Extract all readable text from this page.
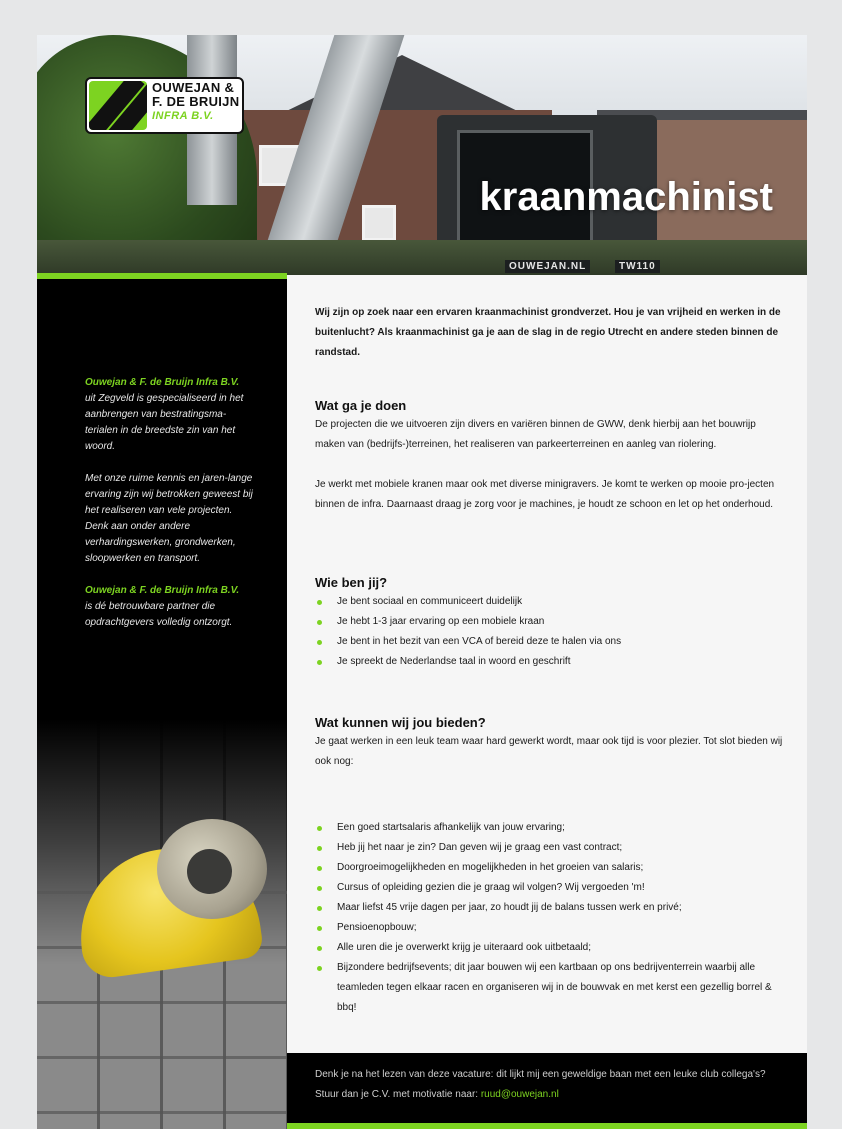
OUWEJAN.NL	TW110
kraanmachinist
OUWEJAN &
F. DE BRUIJN
INFRA B.V.

Ouwejan & F. de Bruijn Infra B.V.
uit Zegveld is gespecialiseerd in het aanbrengen van bestratingsma-terialen in de breedste zin van het woord.

Met onze ruime kennis en jaren-lange ervaring zijn wij betrokken geweest bij het realiseren van vele projecten. Denk aan onder andere verhardingswerken, grondwerken, sloopwerken en transport.

Ouwejan & F. de Bruijn Infra B.V.
is dé betrouwbare partner die opdrachtgevers volledig ontzorgt.

Wij zijn op zoek naar een ervaren kraanmachinist grondverzet. Hou je van vrijheid en werken in de buitenlucht? Als kraanmachinist ga je aan de slag in de regio Utrecht en andere steden binnen de randstad.

Wat ga je doen

De projecten die we uitvoeren zijn divers en variëren binnen de GWW, denk hierbij aan het bouwrijp maken van (bedrijfs-)terreinen, het realiseren van parkeerterreinen en aanleg van riolering.

Je werkt met mobiele kranen maar ook met diverse minigravers. Je komt te werken op mooie pro-jecten binnen de infra. Daarnaast draag je zorg voor je machines, je houdt ze schoon en let op het onderhoud.

Wie ben jij?
Je bent sociaal en communiceert duidelijk
Je hebt 1-3 jaar ervaring op een mobiele kraan
Je bent in het bezit van een VCA of bereid deze te halen via ons
Je spreekt de Nederlandse taal in woord en geschrift
Wat kunnen wij jou bieden?

Je gaat werken in een leuk team waar hard gewerkt wordt, maar ook tijd is voor plezier. Tot slot bieden wij ook nog:

Een goed startsalaris afhankelijk van jouw ervaring;
Heb jij het naar je zin? Dan geven wij je graag een vast contract;
Doorgroeimogelijkheden en mogelijkheden in het groeien van salaris;
Cursus of opleiding gezien die je graag wil volgen? Wij vergoeden 'm!
Maar liefst 45 vrije dagen per jaar, zo houdt jij de balans tussen werk en privé;
Pensioenopbouw;
Alle uren die je overwerkt krijg je uiteraard ook uitbetaald;
Bijzondere bedrijfsevents; dit jaar bouwen wij een kartbaan op ons bedrijventerrein waarbij alle teamleden tegen elkaar racen en organiseren wij in de bouwvak en met kerst een gezellig borrel & bbq!
Denk je na het lezen van deze vacature: dit lijkt mij een geweldige baan met een leuke club collega's?
Stuur dan je C.V. met motivatie naar: ruud@ouwejan.nl
